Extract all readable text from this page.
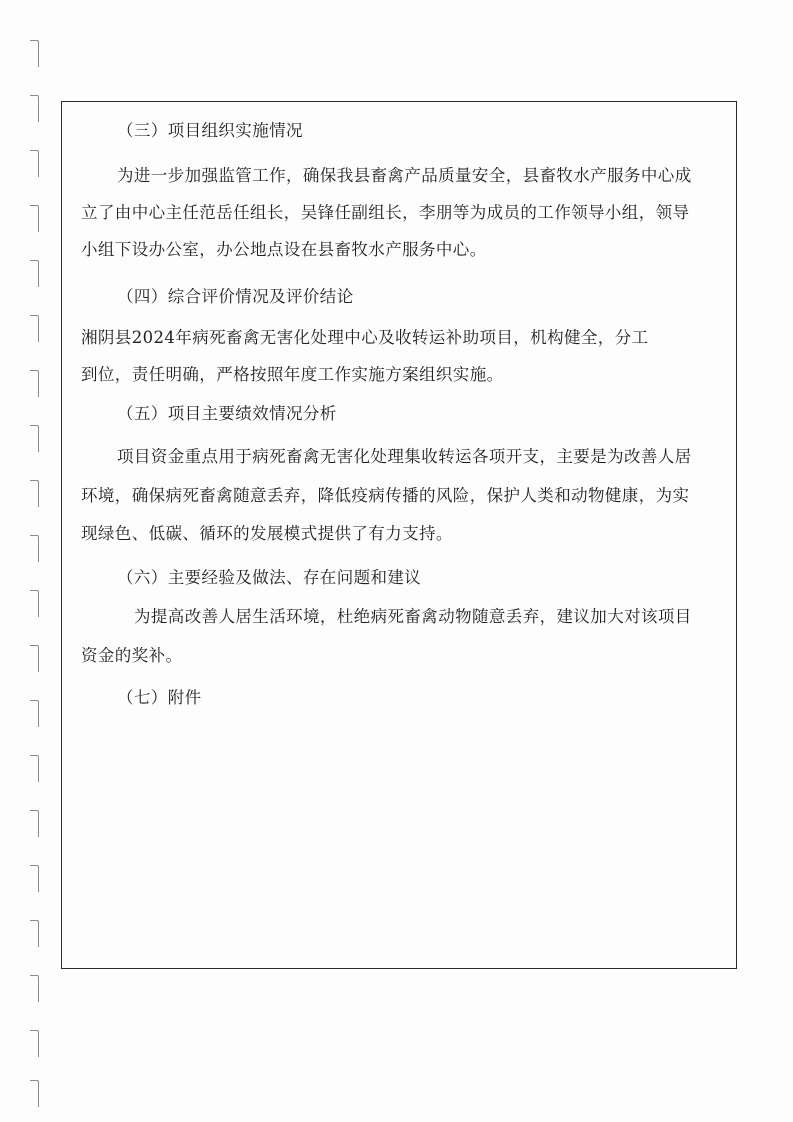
（三）项目组织实施情况

为进一步加强监管工作，确保我县畜禽产品质量安全，县畜牧水产服务中心成

立了由中心主任范岳任组长，吴锋任副组长，李朋等为成员的工作领导小组，领导

小组下设办公室，办公地点设在县畜牧水产服务中心。

（四）综合评价情况及评价结论

湘阴县2024年病死畜禽无害化处理中心及收转运补助项目，机构健全，分工

到位，责任明确，严格按照年度工作实施方案组织实施。

（五）项目主要绩效情况分析

项目资金重点用于病死畜禽无害化处理集收转运各项开支，主要是为改善人居

环境，确保病死畜禽随意丢弃，降低疫病传播的风险，保护人类和动物健康，为实

现绿色、低碳、循环的发展模式提供了有力支持。

（六）主要经验及做法、存在问题和建议

为提高改善人居生活环境，杜绝病死畜禽动物随意丢弃，建议加大对该项目

资金的奖补。

（七）附件
